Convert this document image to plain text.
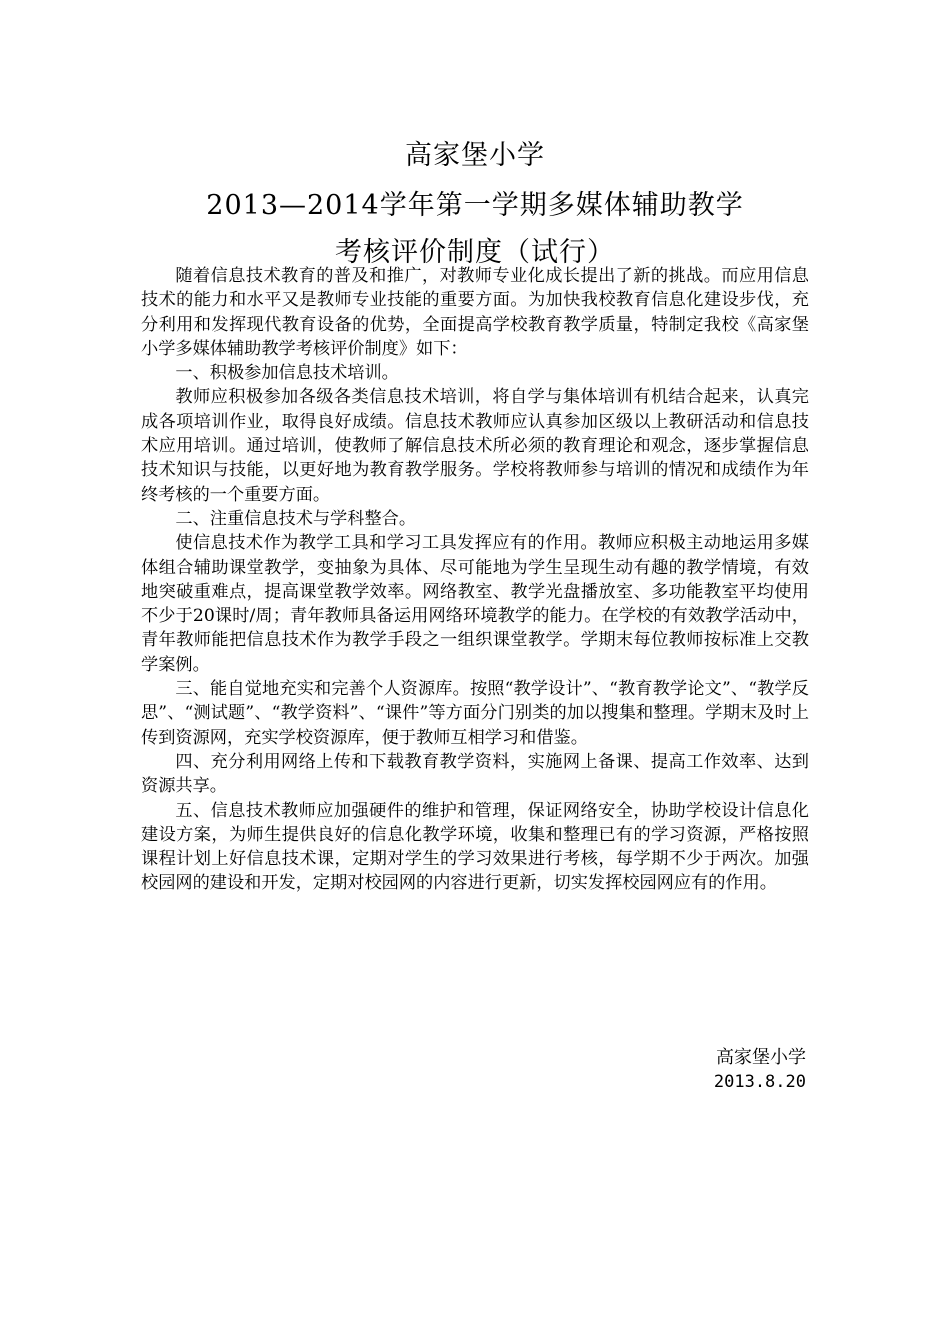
高家堡小学
2013—2014学年第一学期多媒体辅助教学
考核评价制度（试行）

随着信息技术教育的普及和推广，对教师专业化成长提出了新的挑战。而应用信息技术的能力和水平又是教师专业技能的重要方面。为加快我校教育信息化建设步伐，充分利用和发挥现代教育设备的优势，全面提高学校教育教学质量，特制定我校《高家堡小学多媒体辅助教学考核评价制度》如下：

一、积极参加信息技术培训。

教师应积极参加各级各类信息技术培训，将自学与集体培训有机结合起来，认真完成各项培训作业，取得良好成绩。信息技术教师应认真参加区级以上教研活动和信息技术应用培训。通过培训，使教师了解信息技术所必须的教育理论和观念，逐步掌握信息技术知识与技能，以更好地为教育教学服务。学校将教师参与培训的情况和成绩作为年终考核的一个重要方面。

二、注重信息技术与学科整合。

使信息技术作为教学工具和学习工具发挥应有的作用。教师应积极主动地运用多媒体组合辅助课堂教学，变抽象为具体、尽可能地为学生呈现生动有趣的教学情境，有效地突破重难点，提高课堂教学效率。网络教室、教学光盘播放室、多功能教室平均使用不少于20课时/周；青年教师具备运用网络环境教学的能力。在学校的有效教学活动中，青年教师能把信息技术作为教学手段之一组织课堂教学。学期末每位教师按标准上交教学案例。

三、能自觉地充实和完善个人资源库。按照“教学设计”、“教育教学论文”、“教学反思”、“测试题”、“教学资料”、“课件”等方面分门别类的加以搜集和整理。学期末及时上传到资源网，充实学校资源库，便于教师互相学习和借鉴。

四、充分利用网络上传和下载教育教学资料，实施网上备课、提高工作效率、达到资源共享。

五、信息技术教师应加强硬件的维护和管理，保证网络安全，协助学校设计信息化建设方案，为师生提供良好的信息化教学环境，收集和整理已有的学习资源，严格按照课程计划上好信息技术课，定期对学生的学习效果进行考核，每学期不少于两次。加强校园网的建设和开发，定期对校园网的内容进行更新，切实发挥校园网应有的作用。

高家堡小学
2013.8.20
